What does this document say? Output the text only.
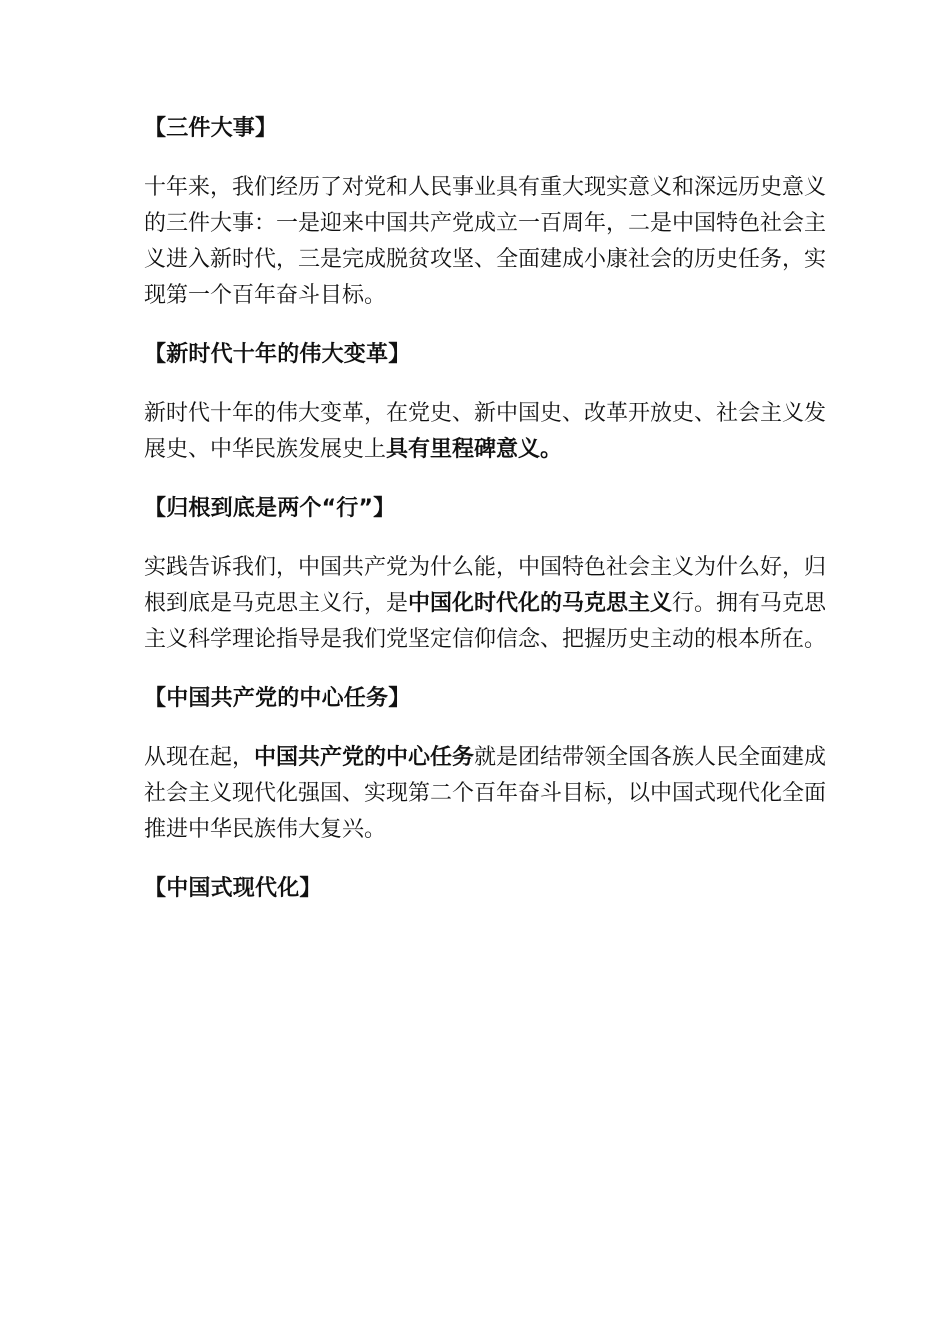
【三件大事】

十年来，我们经历了对党和人民事业具有重大现实意义和深远历史意义的三件大事：一是迎来中国共产党成立一百周年，二是中国特色社会主义进入新时代，三是完成脱贫攻坚、全面建成小康社会的历史任务，实现第一个百年奋斗目标。

【新时代十年的伟大变革】

新时代十年的伟大变革，在党史、新中国史、改革开放史、社会主义发展史、中华民族发展史上具有里程碑意义。

【归根到底是两个“行”】

实践告诉我们，中国共产党为什么能，中国特色社会主义为什么好，归根到底是马克思主义行，是中国化时代化的马克思主义行。拥有马克思主义科学理论指导是我们党坚定信仰信念、把握历史主动的根本所在。

【中国共产党的中心任务】

从现在起，中国共产党的中心任务就是团结带领全国各族人民全面建成社会主义现代化强国、实现第二个百年奋斗目标，以中国式现代化全面推进中华民族伟大复兴。

【中国式现代化】
